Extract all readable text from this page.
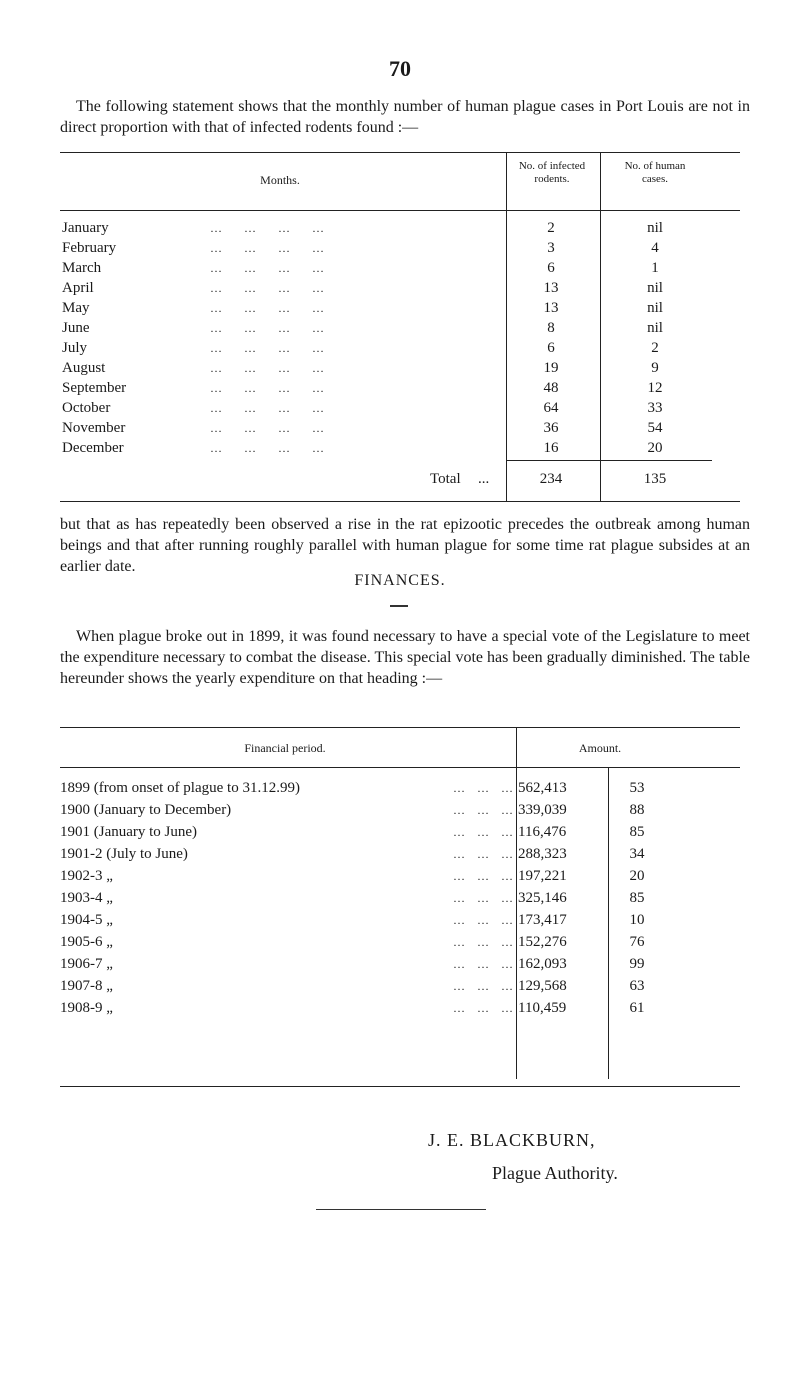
70

The following statement shows that the monthly number of human plague cases in Port Louis are not in direct proportion with that of infected rodents found :—

Months.
No. of infected rodents.
No. of human cases.
January	…    …    …    …	2	nil
February	…    …    …    …	3	4
March	…    …    …    …	6	1
April	…    …    …    …	13	nil
May	…    …    …    …	13	nil
June	…    …    …    …	8	nil
July	…    …    …    …	6	2
August	…    …    …    …	19	9
September	…    …    …    …	48	12
October	…    …    …    …	64	33
November	…    …    …    …	36	54
December	…    …    …    …	16	20
Total ...	234	135

but that as has repeatedly been observed a rise in the rat epizootic precedes the outbreak among human beings and that after running roughly parallel with human plague for some time rat plague subsides at an earlier date.

FINANCES.

When plague broke out in 1899, it was found necessary to have a special vote of the Legislature to meet the expenditure necessary to combat the disease. This special vote has been gradually diminished. The table hereunder shows the yearly expenditure on that heading :—

Financial period.	Amount.
1899 (from onset of plague to 31.12.99)	…  …  … 562,413	53
1900 (January to December)	…  …  … 339,039	88
1901 (January to June)	…  …  … 116,476	85
1901-2 (July to June)	…  …  … 288,323	34
1902-3 „	…  …  … 197,221	20
1903-4 „	…  …  … 325,146	85
1904-5 „	…  …  … 173,417	10
1905-6 „	…  …  … 152,276	76
1906-7 „	…  …  … 162,093	99
1907-8 „	…  …  … 129,568	63
1908-9 „	…  …  … 110,459	61
J. E. BLACKBURN,
Plague Authority.
